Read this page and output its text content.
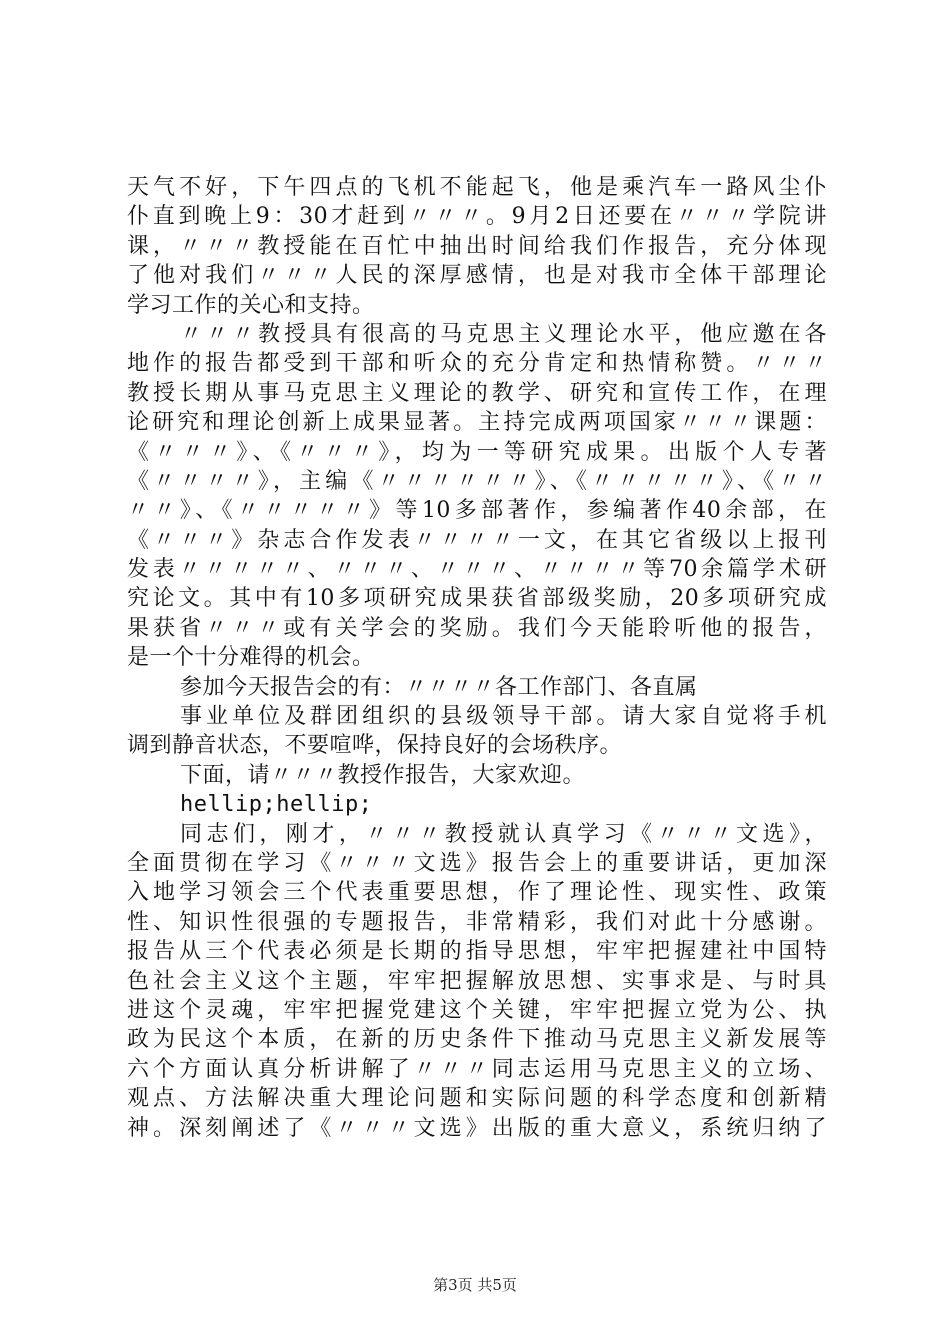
天气不好，下午四点的飞机不能起飞，他是乘汽车一路风尘仆
仆直到晚上9：30才赶到〃〃〃。9月2日还要在〃〃〃学院讲
课，〃〃〃教授能在百忙中抽出时间给我们作报告，充分体现
了他对我们〃〃〃人民的深厚感情，也是对我市全体干部理论
学习工作的关心和支持。
〃〃〃教授具有很高的马克思主义理论水平，他应邀在各
地作的报告都受到干部和听众的充分肯定和热情称赞。〃〃〃
教授长期从事马克思主义理论的教学、研究和宣传工作，在理
论研究和理论创新上成果显著。主持完成两项国家〃〃〃课题：
《〃〃〃》、《〃〃〃》，均为一等研究成果。出版个人专著
《〃〃〃〃》，主编《〃〃〃〃〃〃》、《〃〃〃〃〃》、《〃〃
〃〃》、《〃〃〃〃〃》等10多部著作，参编著作40余部，在
《〃〃〃》杂志合作发表〃〃〃〃一文，在其它省级以上报刊
发表〃〃〃〃〃、〃〃〃、〃〃〃、〃〃〃〃等70余篇学术研
究论文。其中有10多项研究成果获省部级奖励，20多项研究成
果获省〃〃〃或有关学会的奖励。我们今天能聆听他的报告，
是一个十分难得的机会。
参加今天报告会的有：〃〃〃〃各工作部门、各直属
事业单位及群团组织的县级领导干部。请大家自觉将手机
调到静音状态，不要喧哗，保持良好的会场秩序。
下面，请〃〃〃教授作报告，大家欢迎。
hellip;hellip;
同志们，刚才，〃〃〃教授就认真学习《〃〃〃文选》，
全面贯彻在学习《〃〃〃文选》报告会上的重要讲话，更加深
入地学习领会三个代表重要思想，作了理论性、现实性、政策
性、知识性很强的专题报告，非常精彩，我们对此十分感谢。
报告从三个代表必须是长期的指导思想，牢牢把握建社中国特
色社会主义这个主题，牢牢把握解放思想、实事求是、与时具
进这个灵魂，牢牢把握党建这个关键，牢牢把握立党为公、执
政为民这个本质，在新的历史条件下推动马克思主义新发展等
六个方面认真分析讲解了〃〃〃同志运用马克思主义的立场、
观点、方法解决重大理论问题和实际问题的科学态度和创新精
神。深刻阐述了《〃〃〃文选》出版的重大意义，系统归纳了
第3页 共5页
